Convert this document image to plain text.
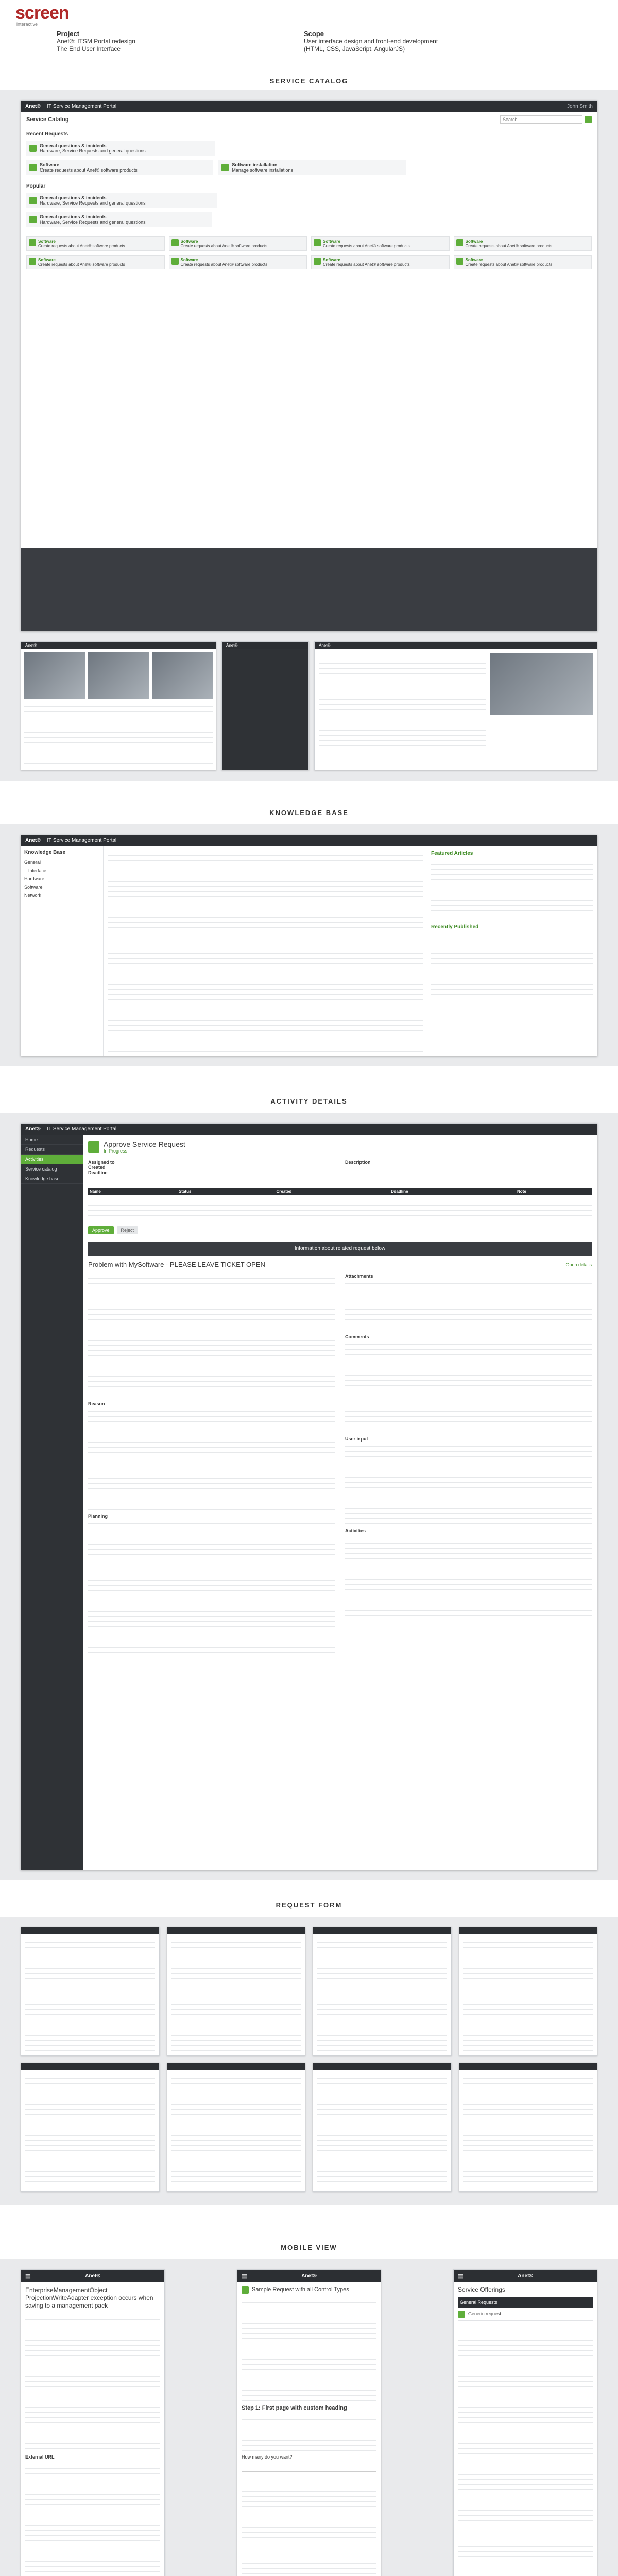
screen
interactive
Project
Anet®: ITSM Portal redesign
The End User Interface
Scope
User interface design and front-end development
(HTML, CSS, JavaScript, AngularJS)
SERVICE CATALOG
Anet® IT Service Management Portal	John Smith
Service Catalog
Search
Recent Requests
General questions & incidents
Hardware, Service Requests and general questions
Software
Create requests about Anet® software products
Software installation
Manage software installations
Popular
General questions & incidents
Hardware, Service Requests and general questions
General questions & incidents
Hardware, Service Requests and general questions
Software
Create requests about Anet® software products
Software
Create requests about Anet® software products
Software
Create requests about Anet® software products
Software
Create requests about Anet® software products
Software
Create requests about Anet® software products
Software
Create requests about Anet® software products
Software
Create requests about Anet® software products
Software
Create requests about Anet® software products
Anet®	Anet®	Anet®
KNOWLEDGE BASE
Anet® IT Service Management Portal
Knowledge Base
General
Interface
Hardware
Software
Network
Featured Articles
Recently Published
ACTIVITY DETAILS
Anet® IT Service Management Portal
Home
Requests
Activities
Service catalog
Knowledge base
Approve Service Request
In Progress
Assigned to
Created
Deadline
Description
Name	Status	Created	Deadline	Note

Approve	Reject
Information about related request below
Problem with MySoftware - PLEASE LEAVE TICKET OPEN	Open details
Reason
Planning
Attachments
Comments
User input
Activities
REQUEST FORM
MOBILE VIEW
☰	Anet®
EnterpriseManagementObject ProjectionWriteAdapter exception occurs when saving to a management pack
External URL
☰	Anet®
Sample Request with all Control Types
Step 1: First page with custom heading
How many do you want?
☰	Anet®
Service Offerings
General Requests
Generic request
